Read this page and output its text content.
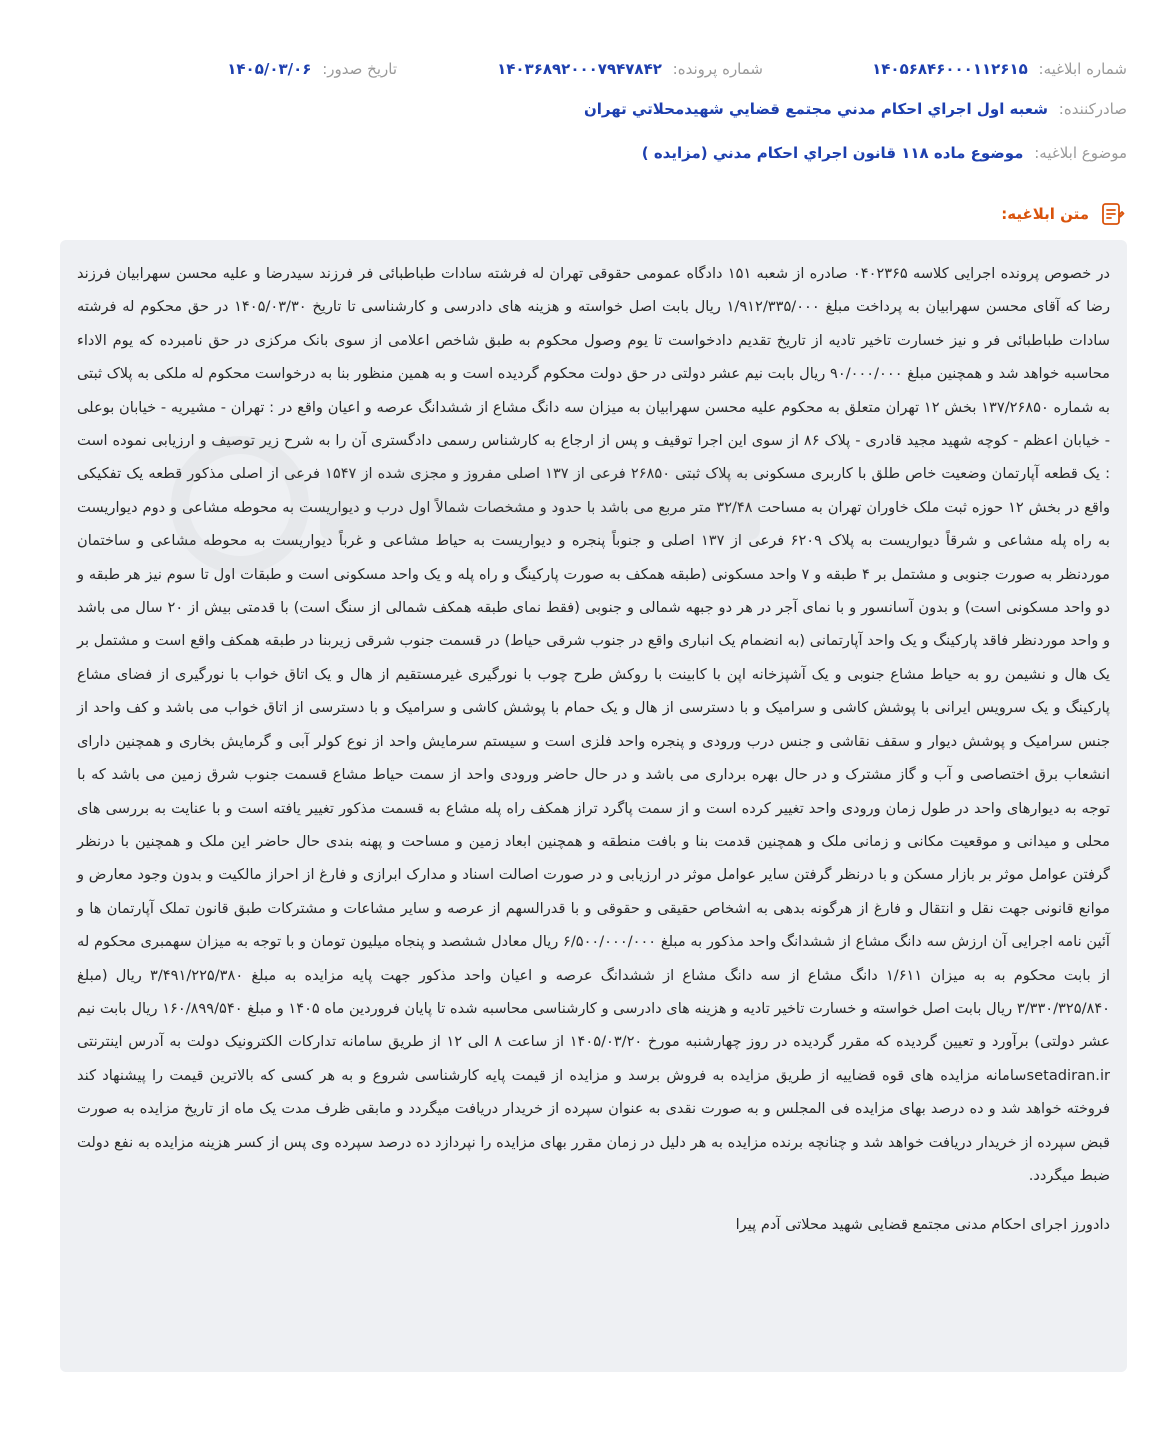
شماره ابلاغیه: ۱۴۰۵۶۸۴۶۰۰۰۱۱۲۶۱۵
شماره پرونده: ۱۴۰۳۶۸۹۲۰۰۰۷۹۴۷۸۴۲
تاریخ صدور: ۱۴۰۵/۰۳/۰۶
صادرکننده: شعبه اول اجراي احكام مدني مجتمع قضايي شهيدمحلاتي تهران
موضوع ابلاغیه: موضوع ماده ۱۱۸ قانون اجراي احكام مدني (مزايده )
متن ابلاغیه:

در خصوص پرونده اجرایی کلاسه ۰۴۰۲۳۶۵ صادره از شعبه ۱۵۱ دادگاه عمومی حقوقی تهران له فرشته سادات طباطبائی فر فرزند سیدرضا و علیه محسن سهرابیان فرزند رضا که آقای محسن سهرابیان به پرداخت مبلغ ۱/۹۱۲/۳۳۵/۰۰۰ ریال بابت اصل خواسته و هزینه های دادرسی و کارشناسی تا تاریخ ۱۴۰۵/۰۳/۳۰ در حق محکوم له فرشته سادات طباطبائی فر و نیز خسارت تاخیر تادیه از تاریخ تقدیم دادخواست تا یوم وصول محکوم به طبق شاخص اعلامی از سوی بانک مرکزی در حق نامبرده که یوم الاداء محاسبه خواهد شد و همچنین مبلغ ۹۰/۰۰۰/۰۰۰ ریال بابت نیم عشر دولتی در حق دولت محکوم گردیده است و به همین منظور بنا به درخواست محکوم له ملکی به پلاک ثبتی به شماره ۱۳۷/۲۶۸۵۰ بخش ۱۲ تهران متعلق به محکوم علیه محسن سهرابیان به میزان سه دانگ مشاع از ششدانگ عرصه و اعیان واقع در : تهران - مشیریه - خیابان بوعلی - خیابان اعظم - کوچه شهید مجید قادری - پلاک ۸۶ از سوی این اجرا توقیف و پس از ارجاع به کارشناس رسمی دادگستری آن را به شرح زیر توصیف و ارزیابی نموده است : یک قطعه آپارتمان وضعیت خاص طلق با کاربری مسکونی به پلاک ثبتی ۲۶۸۵۰ فرعی از ۱۳۷ اصلی مفروز و مجزی شده از ۱۵۴۷ فرعی از اصلی مذکور قطعه یک تفکیکی واقع در بخش ۱۲ حوزه ثبت ملک خاوران تهران به مساحت ۳۲/۴۸ متر مربع می باشد با حدود و مشخصات شمالاً اول درب و دیواریست به محوطه مشاعی و دوم دیواریست به راه پله مشاعی و شرقاً دیواریست به پلاک ۶۲۰۹ فرعی از ۱۳۷ اصلی و جنوباً پنجره و دیواریست به حیاط مشاعی و غرباً دیواریست به محوطه مشاعی و ساختمان موردنظر به صورت جنوبی و مشتمل بر ۴ طبقه و ۷ واحد مسکونی (طبقه همکف به صورت پارکینگ و راه پله و یک واحد مسکونی است و طبقات اول تا سوم نیز هر طبقه و دو واحد مسکونی است) و بدون آسانسور و با نمای آجر در هر دو جبهه شمالی و جنوبی (فقط نمای طبقه همکف شمالی از سنگ است) با قدمتی بیش از ۲۰ سال می باشد و واحد موردنظر فاقد پارکینگ و یک واحد آپارتمانی (به انضمام یک انباری واقع در جنوب شرقی حیاط) در قسمت جنوب شرقی زیربنا در طبقه همکف واقع است و مشتمل بر یک هال و نشیمن رو به حیاط مشاع جنوبی و یک آشپزخانه اپن با کابینت با روکش طرح چوب با نورگیری غیرمستقیم از هال و یک اتاق خواب با نورگیری از فضای مشاع پارکینگ و یک سرویس ایرانی با پوشش کاشی و سرامیک و با دسترسی از هال و یک حمام با پوشش کاشی و سرامیک و با دسترسی از اتاق خواب می باشد و کف واحد از جنس سرامیک و پوشش دیوار و سقف نقاشی و جنس درب ورودی و پنجره واحد فلزی است و سیستم سرمایش واحد از نوع کولر آبی و گرمایش بخاری و همچنین دارای انشعاب برق اختصاصی و آب و گاز مشترک و در حال بهره برداری می باشد و در حال حاضر ورودی واحد از سمت حیاط مشاع قسمت جنوب شرق زمین می باشد که با توجه به دیوارهای واحد در طول زمان ورودی واحد تغییر کرده است و از سمت پاگرد تراز همکف راه پله مشاع به قسمت مذکور تغییر یافته است و با عنایت به بررسی های محلی و میدانی و موقعیت مکانی و زمانی ملک و همچنین قدمت بنا و بافت منطقه و همچنین ابعاد زمین و مساحت و پهنه بندی حال حاضر این ملک و همچنین با درنظر گرفتن عوامل موثر بر بازار مسکن و با درنظر گرفتن سایر عوامل موثر در ارزیابی و در صورت اصالت اسناد و مدارک ابرازی و فارغ از احراز مالکیت و بدون وجود معارض و موانع قانونی جهت نقل و انتقال و فارغ از هرگونه بدهی به اشخاص حقیقی و حقوقی و با قدرالسهم از عرصه و سایر مشاعات و مشترکات طبق قانون تملک آپارتمان ها و آئین نامه اجرایی آن ارزش سه دانگ مشاع از ششدانگ واحد مذکور به مبلغ ۶/۵۰۰/۰۰۰/۰۰۰ ریال معادل ششصد و پنجاه میلیون تومان و با توجه به میزان سهمبری محکوم له از بابت محکوم به به میزان ۱/۶۱۱ دانگ مشاع از سه دانگ مشاع از ششدانگ عرصه و اعیان واحد مذکور جهت پایه مزایده به مبلغ ۳/۴۹۱/۲۲۵/۳۸۰ ریال (مبلغ ۳/۳۳۰/۳۲۵/۸۴۰ ریال بابت اصل خواسته و خسارت تاخیر تادیه و هزینه های دادرسی و کارشناسی محاسبه شده تا پایان فروردین ماه ۱۴۰۵ و مبلغ ۱۶۰/۸۹۹/۵۴۰ ریال بابت نیم عشر دولتی) برآورد و تعیین گردیده که مقرر گردیده در روز چهارشنبه مورخ ۱۴۰۵/۰۳/۲۰ از ساعت ۸ الی ۱۲ از طریق سامانه تدارکات الکترونیک دولت به آدرس اینترنتی setadiran.irسامانه مزایده های قوه قضاییه از طریق مزایده به فروش برسد و مزایده از قیمت پایه کارشناسی شروع و به هر کسی که بالاترین قیمت را پیشنهاد کند فروخته خواهد شد و ده درصد بهای مزایده فی المجلس و به صورت نقدی به عنوان سپرده از خریدار دریافت میگردد و مابقی ظرف مدت یک ماه از تاریخ مزایده به صورت قبض سپرده از خریدار دریافت خواهد شد و چنانچه برنده مزایده به هر دلیل در زمان مقرر بهای مزایده را نپردازد ده درصد سپرده وی پس از کسر هزینه مزایده به نفع دولت ضبط میگردد.

دادورز اجرای احکام مدنی مجتمع قضایی شهید محلاتی آدم پیرا
